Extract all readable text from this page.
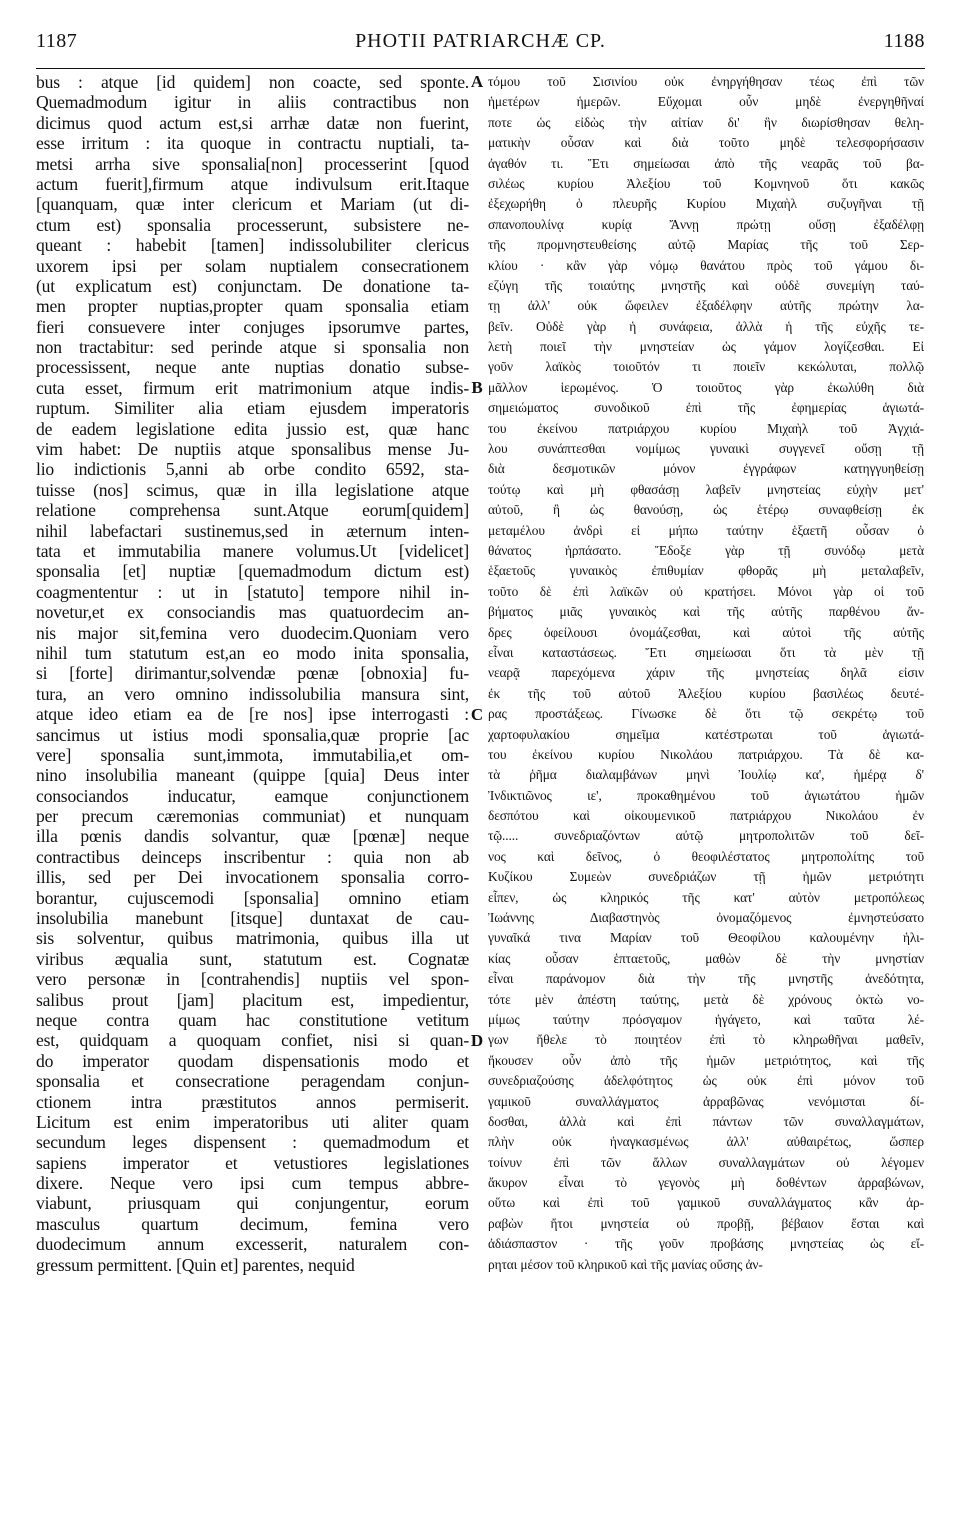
1187	PHOTII PATRIARCHÆ CP.	1188
bus : atque [id quidem] non coacte, sed sponte.
Quemadmodum igitur in aliis contractibus non
dicimus quod actum est,si arrhæ datæ non fuerint,
esse irritum : ita quoque in contractu nuptiali, ta-
metsi arrha sive sponsalia[non] processerint [quod
actum fuerit],firmum atque indivulsum erit.Itaque
[quanquam, quæ inter clericum et Mariam (ut di-
ctum est) sponsalia processerunt, subsistere ne-
queant : habebit [tamen] indissolubiliter clericus
uxorem ipsi per solam nuptialem consecrationem
(ut explicatum est) conjunctam. De donatione ta-
men propter nuptias,propter quam sponsalia etiam
fieri consuevere inter conjuges ipsorumve partes,
non tractabitur: sed perinde atque si sponsalia non
processissent, neque ante nuptias donatio subse-
cuta esset, firmum erit matrimonium atque indis-
ruptum. Similiter alia etiam ejusdem imperatoris
de eadem legislatione edita jussio est, quæ hanc
vim habet: De nuptiis atque sponsalibus mense Ju-
lio indictionis 5,anni ab orbe condito 6592, sta-
tuisse (nos] scimus, quæ in illa legislatione atque
relatione comprehensa sunt.Atque eorum[quidem]
nihil labefactari sustinemus,sed in æternum inten-
tata et immutabilia manere volumus.Ut [videlicet]
sponsalia [et] nuptiæ [quemadmodum dictum est)
coagmententur : ut in [statuto] tempore nihil in-
novetur,et ex consociandis mas quatuordecim an-
nis major sit,femina vero duodecim.Quoniam vero
nihil tum statutum est,an eo modo inita sponsalia,
si [forte] dirimantur,solvendæ pœnæ [obnoxia] fu-
tura, an vero omnino indissolubilia mansura sint,
atque ideo etiam ea de [re nos] ipse interrogasti :
sancimus ut istius modi sponsalia,quæ proprie [ac
vere] sponsalia sunt,immota, immutabilia,et om-
nino insolubilia maneant (quippe [quia] Deus inter
consociandos inducatur, eamque conjunctionem
per precum cæremonias communiat) et nunquam
illa pœnis dandis solvantur, quæ [pœnæ] neque
contractibus deinceps inscribentur : quia non ab
illis, sed per Dei invocationem sponsalia corro-
borantur, cujuscemodi [sponsalia] omnino etiam
insolubilia manebunt [itsque] duntaxat de cau-
sis solventur, quibus matrimonia, quibus illa ut
viribus æqualia sunt, statutum est. Cognatæ
vero personæ in [contrahendis] nuptiis vel spon-
salibus prout [jam] placitum est, impedientur,
neque contra quam hac constitutione vetitum
est, quidquam a quoquam confiet, nisi si quan-
do imperator quodam dispensationis modo et
sponsalia et consecratione peragendam conjun-
ctionem intra præstitutos annos permiserit.
Licitum est enim imperatoribus uti aliter quam
secundum leges dispensent : quemadmodum et
sapiens imperator et vetustiores legislationes
dixere. Neque vero ipsi cum tempus abbre-
viabunt, priusquam qui conjungentur, eorum
masculus quartum decimum, femina vero
duodecimum annum excesserit, naturalem con-
gressum permittent. [Quin et] parentes, nequid
τόμου τοῦ Σισινίου οὐκ ἐνηργήθησαν τέως ἐπὶ τῶν
ἡμετέρων ἡμερῶν. Εὔχομαι οὖν μηδὲ ἐνεργηθῆναί
ποτε ὡς εἰδὼς τὴν αἰτίαν δι' ἣν διωρίσθησαν θελη-
ματικὴν οὖσαν καὶ διὰ τοῦτο μηδὲ τελεσφορήσασιν
ἀγαθόν τι. Ἔτι σημείωσαι ἀπὸ τῆς νεαρᾶς τοῦ βα-
σιλέως κυρίου Ἀλεξίου τοῦ Κομνηνοῦ ὅτι κακῶς
ἐξεχωρήθη ὁ πλευρῆς Κυρίου Μιχαὴλ συζυγῆναι τῇ
σπανοπουλίνᾳ κυρίᾳ Ἄννῃ πρώτῃ οὔσῃ ἐξαδέλφῃ
τῆς προμνηστευθείσης αὐτῷ Μαρίας τῆς τοῦ Σερ-
κλίου · κἂν γὰρ νόμῳ θανάτου πρὸς τοῦ γάμου δι-
εζύγη τῆς τοιαύτης μνηστῆς καὶ οὐδὲ συνεμίγη ταύ-
τῃ ἀλλ' οὐκ ὤφειλεν ἐξαδέλφην αὐτῆς πρώτην λα-
βεῖν. Οὐδὲ γὰρ ἡ συνάφεια, ἀλλὰ ἡ τῆς εὐχῆς τε-
λετὴ ποιεῖ τὴν μνηστείαν ὡς γάμον λογίζεσθαι. Εἰ
γοῦν λαϊκὸς τοιοῦτόν τι ποιεῖν κεκώλυται, πολλῷ
μᾶλλον ἱερωμένος. Ὁ τοιοῦτος γὰρ ἐκωλύθη διὰ
σημειώματος συνοδικοῦ ἐπὶ τῆς ἐφημερίας ἁγιωτά-
του ἐκείνου πατριάρχου κυρίου Μιχαὴλ τοῦ Ἀγχιά-
λου συνάπτεσθαι νομίμως γυναικὶ συγγενεῖ οὔσῃ τῇ
διὰ δεσμοτικῶν μόνον ἐγγράφων κατηγγυηθείσῃ
τούτῳ καὶ μὴ φθασάσῃ λαβεῖν μνηστείας εὐχὴν μετ'
αὐτοῦ, ἢ ὡς θανούσῃ, ὡς ἑτέρῳ συναφθείσῃ ἐκ
μεταμέλου ἀνδρὶ εἰ μήπω ταύτην ἑξαετῆ οὖσαν ὁ
θάνατος ἡρπάσατο. Ἔδοξε γὰρ τῇ συνόδῳ μετὰ
ἑξαετοῦς γυναικὸς ἐπιθυμίαν φθορᾶς μὴ μεταλαβεῖν,
τοῦτο δὲ ἐπὶ λαϊκῶν οὐ κρατήσει. Μόνοι γὰρ οἱ τοῦ
βήματος μιᾶς γυναικὸς καὶ τῆς αὐτῆς παρθένου ἄν-
δρες ὀφείλουσι ὀνομάζεσθαι, καὶ αὐτοὶ τῆς αὐτῆς
εἶναι καταστάσεως. Ἔτι σημείωσαι ὅτι τὰ μὲν τῇ
νεαρᾷ παρεχόμενα χάριν τῆς μνηστείας δηλᾶ εἰσιν
ἐκ τῆς τοῦ αὐτοῦ Ἀλεξίου κυρίου βασιλέως δευτέ-
ρας προστάξεως. Γίνωσκε δὲ ὅτι τῷ σεκρέτῳ τοῦ
χαρτοφυλακίου σημεῖμα κατέστρωται τοῦ ἁγιωτά-
του ἐκείνου κυρίου Νικολάου πατριάρχου. Τὰ δὲ κα-
τὰ ῥῆμα διαλαμβάνων μηνὶ Ἰουλίῳ κα', ἡμέρᾳ δ'
Ἰνδικτιῶνος ιε', προκαθημένου τοῦ ἁγιωτάτου ἡμῶν
δεσπότου καὶ οἰκουμενικοῦ πατριάρχου Νικολάου ἐν
τῷ..... συνεδριαζόντων αὐτῷ μητροπολιτῶν τοῦ δεῖ-
νος καὶ δεῖνος, ὁ θεοφιλέστατος μητροπολίτης τοῦ
Κυζίκου Συμεὼν συνεδριάζων τῇ ἡμῶν μετριότητι
εἶπεν, ὡς κληρικός τῆς κατ' αὐτὸν μετροπόλεως
Ἰωάννης Διαβαστηνὸς ὀνομαζόμενος ἐμνηστεύσατο
γυναῖκά τινα Μαρίαν τοῦ Θεοφίλου καλουμένην ἡλι-
κίας οὖσαν ἑπταετοῦς, μαθὼν δὲ τὴν μνηστίαν
εἶναι παράνομον διὰ τὴν τῆς μνηστῆς ἀνεδότητα,
τότε μὲν ἀπέστη ταύτης, μετὰ δὲ χρόνους ὀκτὼ νο-
μίμως ταύτην πρόσγαμον ἠγάγετο, καὶ ταῦτα λέ-
γων ἤθελε τὸ ποιητέον ἐπὶ τὸ κληρωθῆναι μαθεῖν,
ἤκουσεν οὖν ἀπὸ τῆς ἡμῶν μετριότητος, καὶ τῆς
συνεδριαζούσης ἀδελφότητος ὡς οὐκ ἐπὶ μόνον τοῦ
γαμικοῦ συναλλάγματος ἀρραβῶνας νενόμισται δί-
δοσθαι, ἀλλὰ καὶ ἐπὶ πάντων τῶν συναλλαγμάτων,
πλὴν οὐκ ἠναγκασμένως ἀλλ' αὐθαιρέτως, ὥσπερ
τοίνυν ἐπὶ τῶν ἄλλων συναλλαγμάτων οὐ λέγομεν
ἄκυρον εἶναι τὸ γεγονὸς μὴ δοθέντων ἀρραβώνων,
οὕτω καὶ ἐπὶ τοῦ γαμικοῦ συναλλάγματος κἂν ἀρ-
ραβὼν ἤτοι μνηστεία οὐ προβῇ, βέβαιον ἔσται καὶ
ἀδιάσπαστον · τῆς γοῦν προβάσης μνηστείας ὡς εἴ-
ρηται μέσον τοῦ κληρικοῦ καὶ τῆς μανίας οὔσης ἀν-
A
B
C
D
